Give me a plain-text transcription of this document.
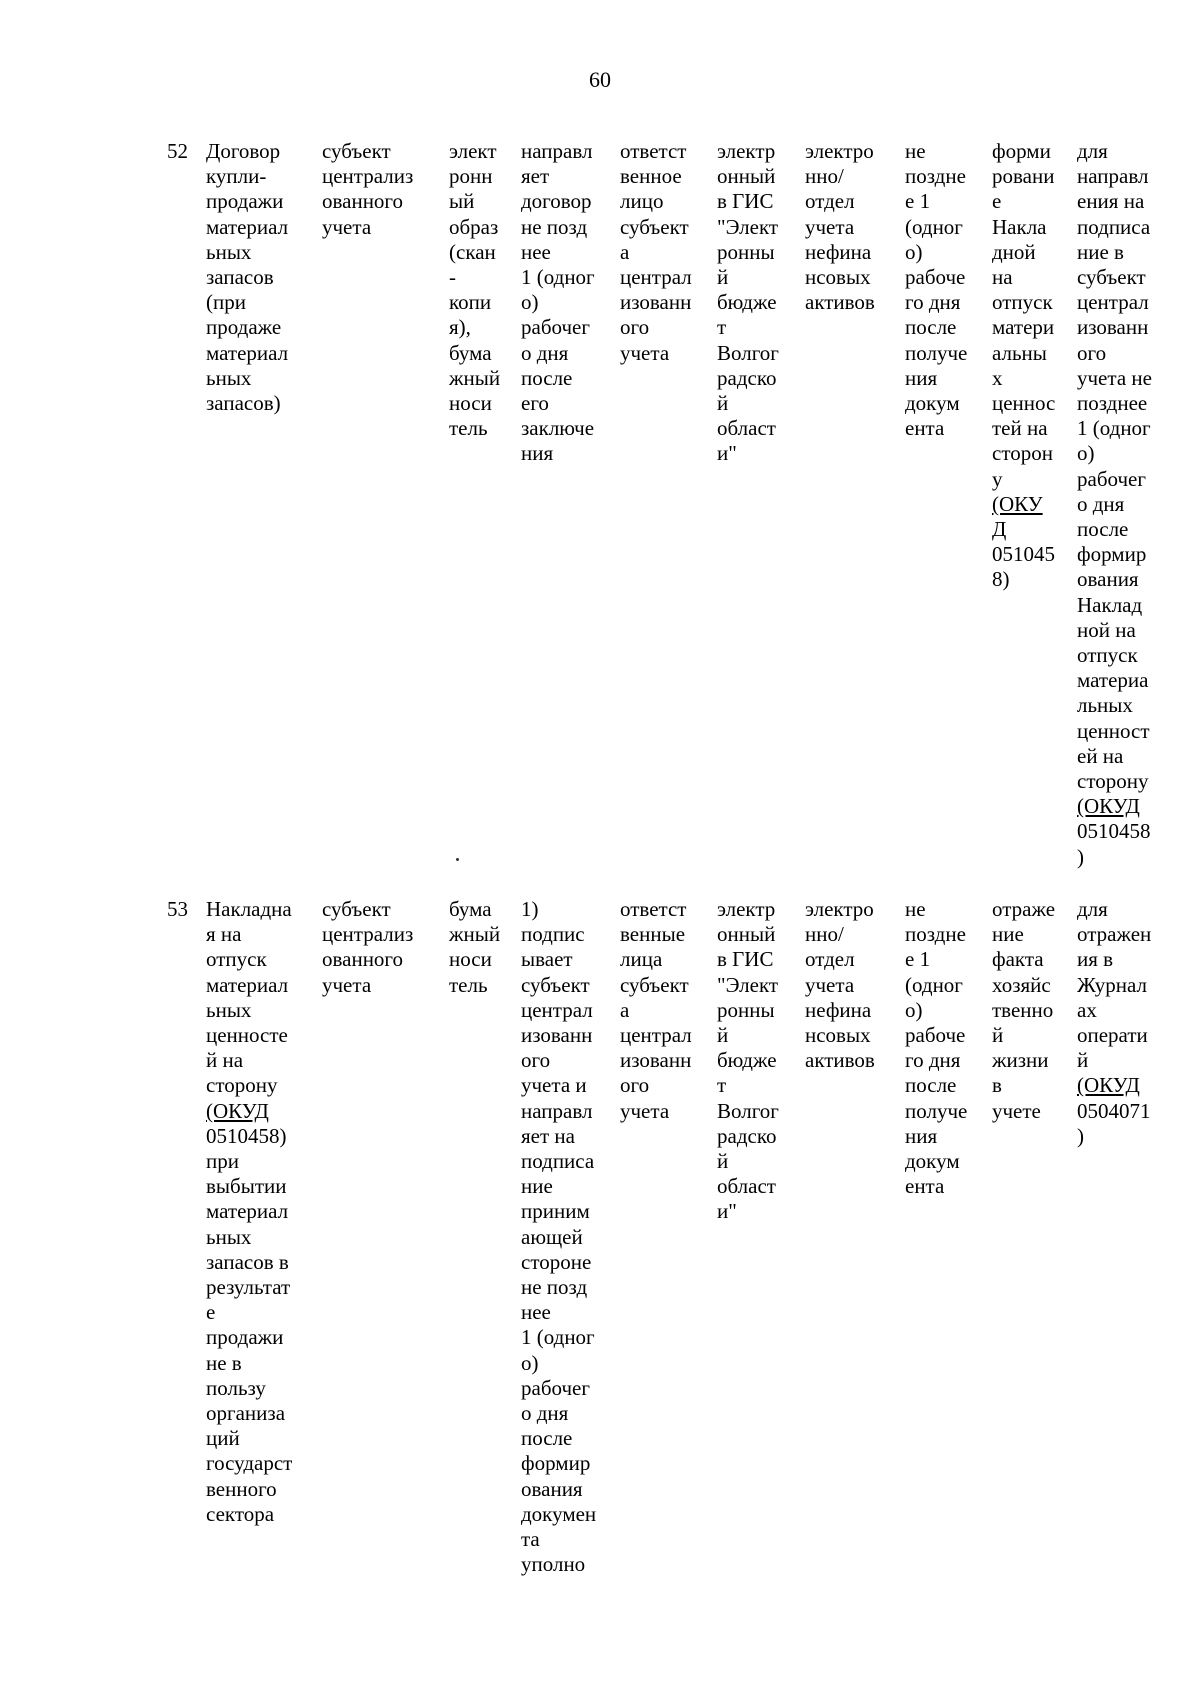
60
52 Договор
купли-
продажи
материал
ьных
запасов
(при
продаже
материал
ьных
запасов)
субъект
централиз
ованного
учета
элект
ронн
ый
образ
(скан
-
копи
я),
бума
жный
носи
тель
направл
яет
договор
не позд
нее
1 (одног
о)
рабочег
о дня
после
его
заключе
ния
ответст
венное
лицо
субъект
а
централ
изованн
ого
учета
электр
онный
в ГИС
"Элект
ронны
й
бюдже
т
Волгог
радско
й
област
и"
электро
нно/
отдел
учета
нефина
нсовых
активов
не
поздне
е 1
(одног
о)
рабоче
го дня
после
получе
ния
докум
ента
форми
ровани
е
Накла
дной
на
отпуск
матери
альны
х
ценнос
тей на
сторон
у
(ОКУ
Д
051045
8)
для
направл
ения на
подписа
ние в
субъект
централ
изованн
ого
учета не
позднее
1 (одног
о)
рабочег
о дня
после
формир
ования
Наклад
ной на
отпуск
материа
льных
ценност
ей на
сторону
(ОКУД
0510458
)
53 Накладна
я на
отпуск
материал
ьных
ценносте
й на
сторону
(ОКУД
0510458)
при
выбытии
материал
ьных
запасов в
результат
е
продажи
не в
пользу
организа
ций
государст
венного
сектора
субъект
централиз
ованного
учета
бума
жный
носи
тель
1)
подпис
ывает
субъект
централ
изованн
ого
учета и
направл
яет на
подписа
ние
приним
ающей
стороне
не позд
нее
1 (одног
о)
рабочег
о дня
после
формир
ования
докумен
та
уполно
ответст
венные
лица
субъект
а
централ
изованн
ого
учета
электр
онный
в ГИС
"Элект
ронны
й
бюдже
т
Волгог
радско
й
област
и"
электро
нно/
отдел
учета
нефина
нсовых
активов
не
поздне
е 1
(одног
о)
рабоче
го дня
после
получе
ния
докум
ента
отраже
ние
факта
хозяйс
твенно
й
жизни
в
учете
для
отражен
ия в
Журнал
ах
операти
й
(ОКУД
0504071
)
